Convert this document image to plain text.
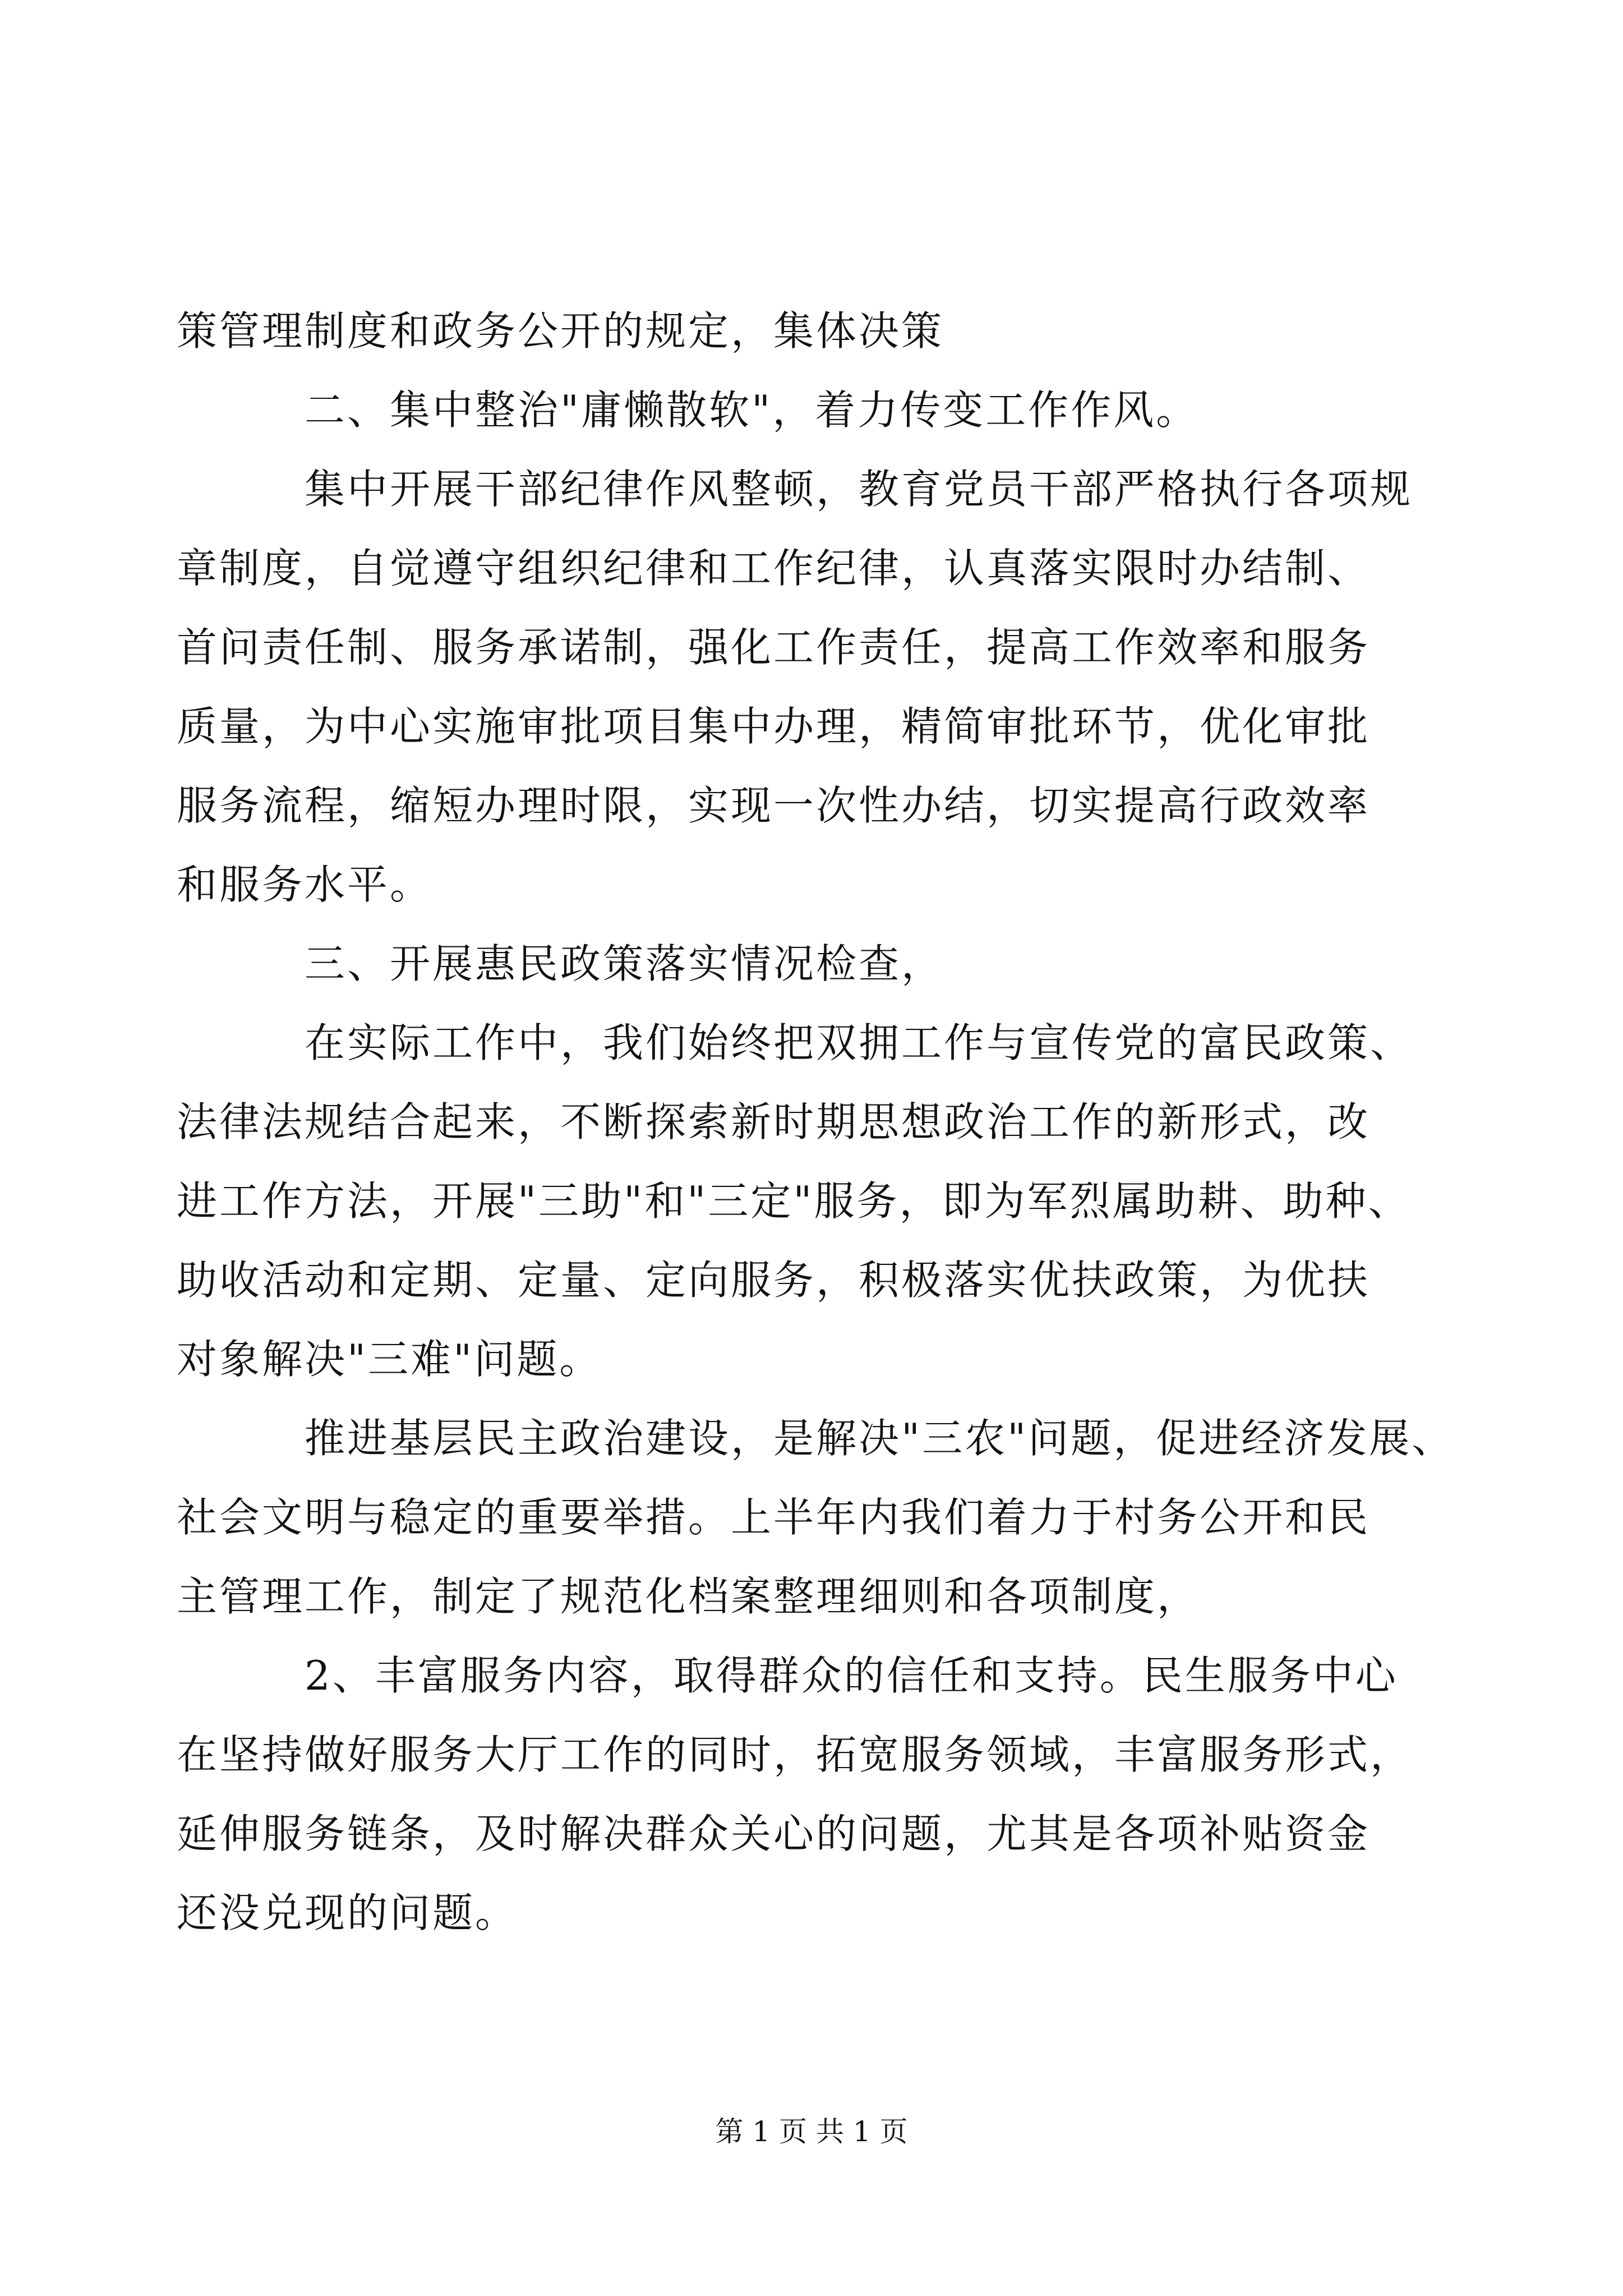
策管理制度和政务公开的规定，集体决策
二、集中整治"庸懒散软"，着力传变工作作风。
集中开展干部纪律作风整顿，教育党员干部严格执行各项规
章制度，自觉遵守组织纪律和工作纪律，认真落实限时办结制、
首问责任制、服务承诺制，强化工作责任，提高工作效率和服务
质量，为中心实施审批项目集中办理，精简审批环节，优化审批
服务流程，缩短办理时限，实现一次性办结，切实提高行政效率
和服务水平。
三、开展惠民政策落实情况检查，
在实际工作中，我们始终把双拥工作与宣传党的富民政策、
法律法规结合起来，不断探索新时期思想政治工作的新形式，改
进工作方法，开展"三助"和"三定"服务，即为军烈属助耕、助种、
助收活动和定期、定量、定向服务，积极落实优扶政策，为优扶
对象解决"三难"问题。
推进基层民主政治建设，是解决"三农"问题，促进经济发展、
社会文明与稳定的重要举措。上半年内我们着力于村务公开和民
主管理工作，制定了规范化档案整理细则和各项制度，
2、丰富服务内容，取得群众的信任和支持。民生服务中心
在坚持做好服务大厅工作的同时，拓宽服务领域，丰富服务形式，
延伸服务链条，及时解决群众关心的问题，尤其是各项补贴资金
还没兑现的问题。
第 1 页 共 1 页
